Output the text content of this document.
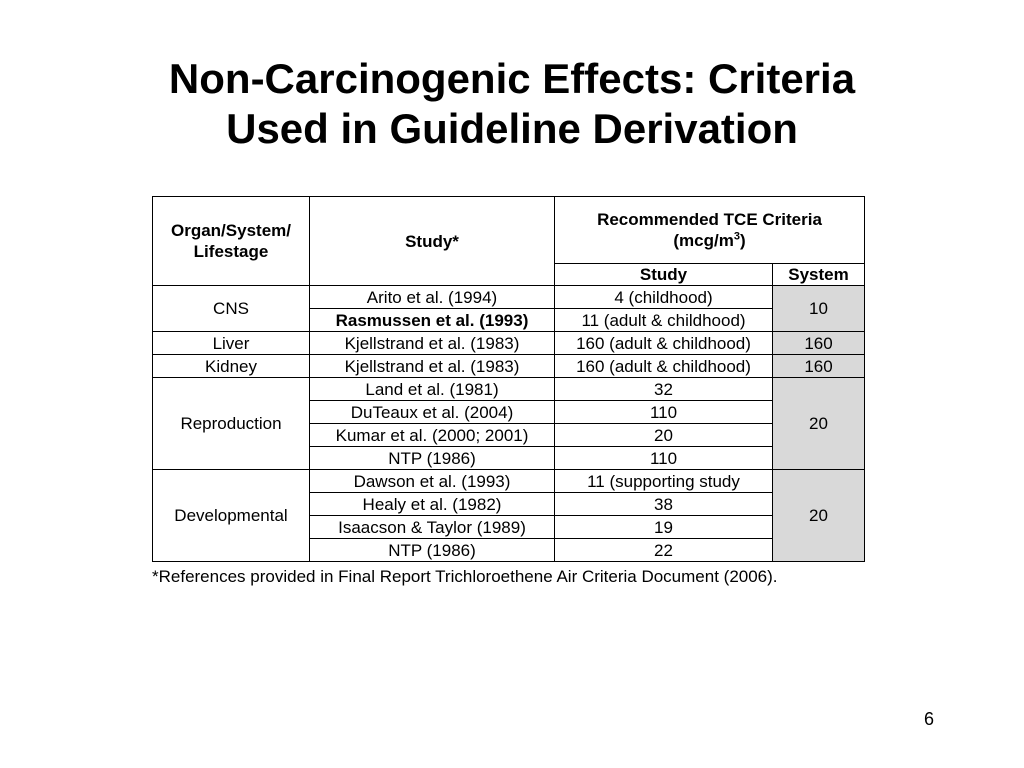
Non-Carcinogenic Effects: Criteria
Used in Guideline Derivation
Organ/System/ Lifestage	Study*	Recommended TCE Criteria $(mcg/m^3)$	
		Study	System
CNS	Arito et al. (1994)	4 (childhood)	10
	Rasmussen et al. (1993)	11 (adult & childhood)	
Liver	Kjellstrand et al. (1983)	160 (adult & childhood)	160
Kidney	Kjellstrand et al. (1983)	160 (adult & childhood)	160
Reproduction	Land et al. (1981)	32	20
	DuTeaux et al. (2004)	110	
	Kumar et al. (2000; 2001)	20	
	NTP (1986)	110	
Developmental	Dawson et al. (1993)	11 (supporting study	20
	Healy et al. (1982)	38	
	Isaacson & Taylor (1989)	19	
	NTP (1986)	22	
*References provided in Final Report Trichloroethene Air Criteria Document (2006).
6
